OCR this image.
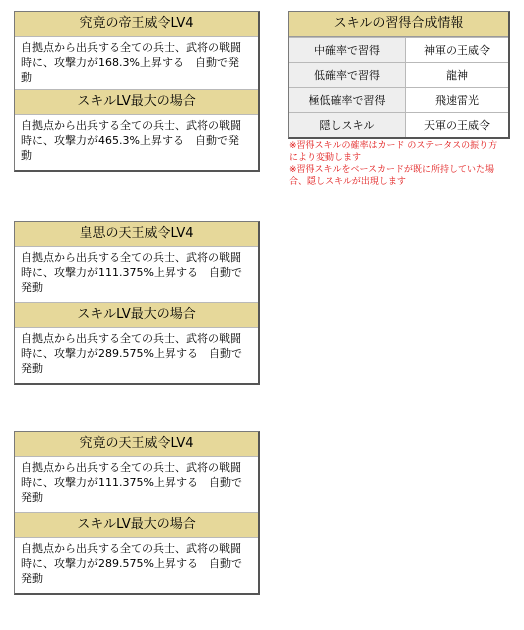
究竟の帝王威令LV4
自拠点から出兵する全ての兵士、武将の戦闘
時に、攻撃力が168.3%上昇する　自動で発
動
スキルLV最大の場合
自拠点から出兵する全ての兵士、武将の戦闘
時に、攻撃力が465.3%上昇する　自動で発
動
皇思の天王威令LV4
自拠点から出兵する全ての兵士、武将の戦闘
時に、攻撃力が111.375%上昇する　自動で
発動
スキルLV最大の場合
自拠点から出兵する全ての兵士、武将の戦闘
時に、攻撃力が289.575%上昇する　自動で
発動
究竟の天王威令LV4
自拠点から出兵する全ての兵士、武将の戦闘
時に、攻撃力が111.375%上昇する　自動で
発動
スキルLV最大の場合
自拠点から出兵する全ての兵士、武将の戦闘
時に、攻撃力が289.575%上昇する　自動で
発動
スキルの習得合成情報
中確率で習得	神軍の王威令
低確率で習得	龍神
極低確率で習得	飛速雷光
隠しスキル	天軍の王威令
※習得スキルの確率はカード のステータスの振り方
により変動します
※習得スキルをベースカードが既に所持していた場
合、隠しスキルが出現します
